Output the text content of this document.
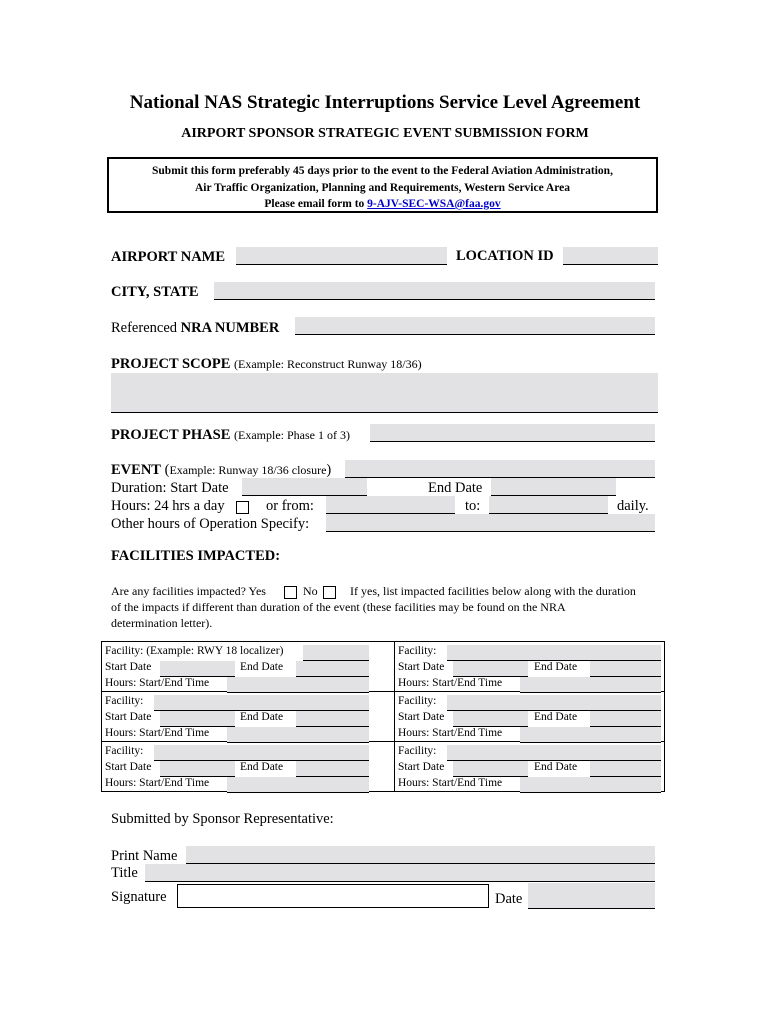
National NAS Strategic Interruptions Service Level Agreement
AIRPORT SPONSOR STRATEGIC EVENT SUBMISSION FORM
Submit this form preferably 45 days prior to the event to the Federal Aviation Administration,
Air Traffic Organization, Planning and Requirements, Western Service Area
Please email form to 9-AJV-SEC-WSA@faa.gov
AIRPORT NAME	LOCATION ID
CITY, STATE
Referenced NRA NUMBER
PROJECT SCOPE (Example: Reconstruct Runway 18/36)
PROJECT PHASE (Example: Phase 1 of 3)
EVENT (Example: Runway 18/36 closure)
Duration: Start Date	End Date
Hours: 24 hrs a day	or from:	to:	daily.
Other hours of Operation Specify:
FACILITIES IMPACTED:
Are any facilities impacted? Yes	No	If yes, list impacted facilities below along with the duration
of the impacts if different than duration of the event (these facilities may be found on the NRA
determination letter).
Facility: (Example: RWY 18 localizer)
Start Date	End Date
Hours: Start/End Time
Facility:
Start Date	End Date
Hours: Start/End Time
Facility:
Start Date	End Date
Hours: Start/End Time
Facility:
Start Date	End Date
Hours: Start/End Time
Facility:
Start Date	End Date
Hours: Start/End Time
Facility:
Start Date	End Date
Hours: Start/End Time
Submitted by Sponsor Representative:
Print Name
Title
Signature	Date
